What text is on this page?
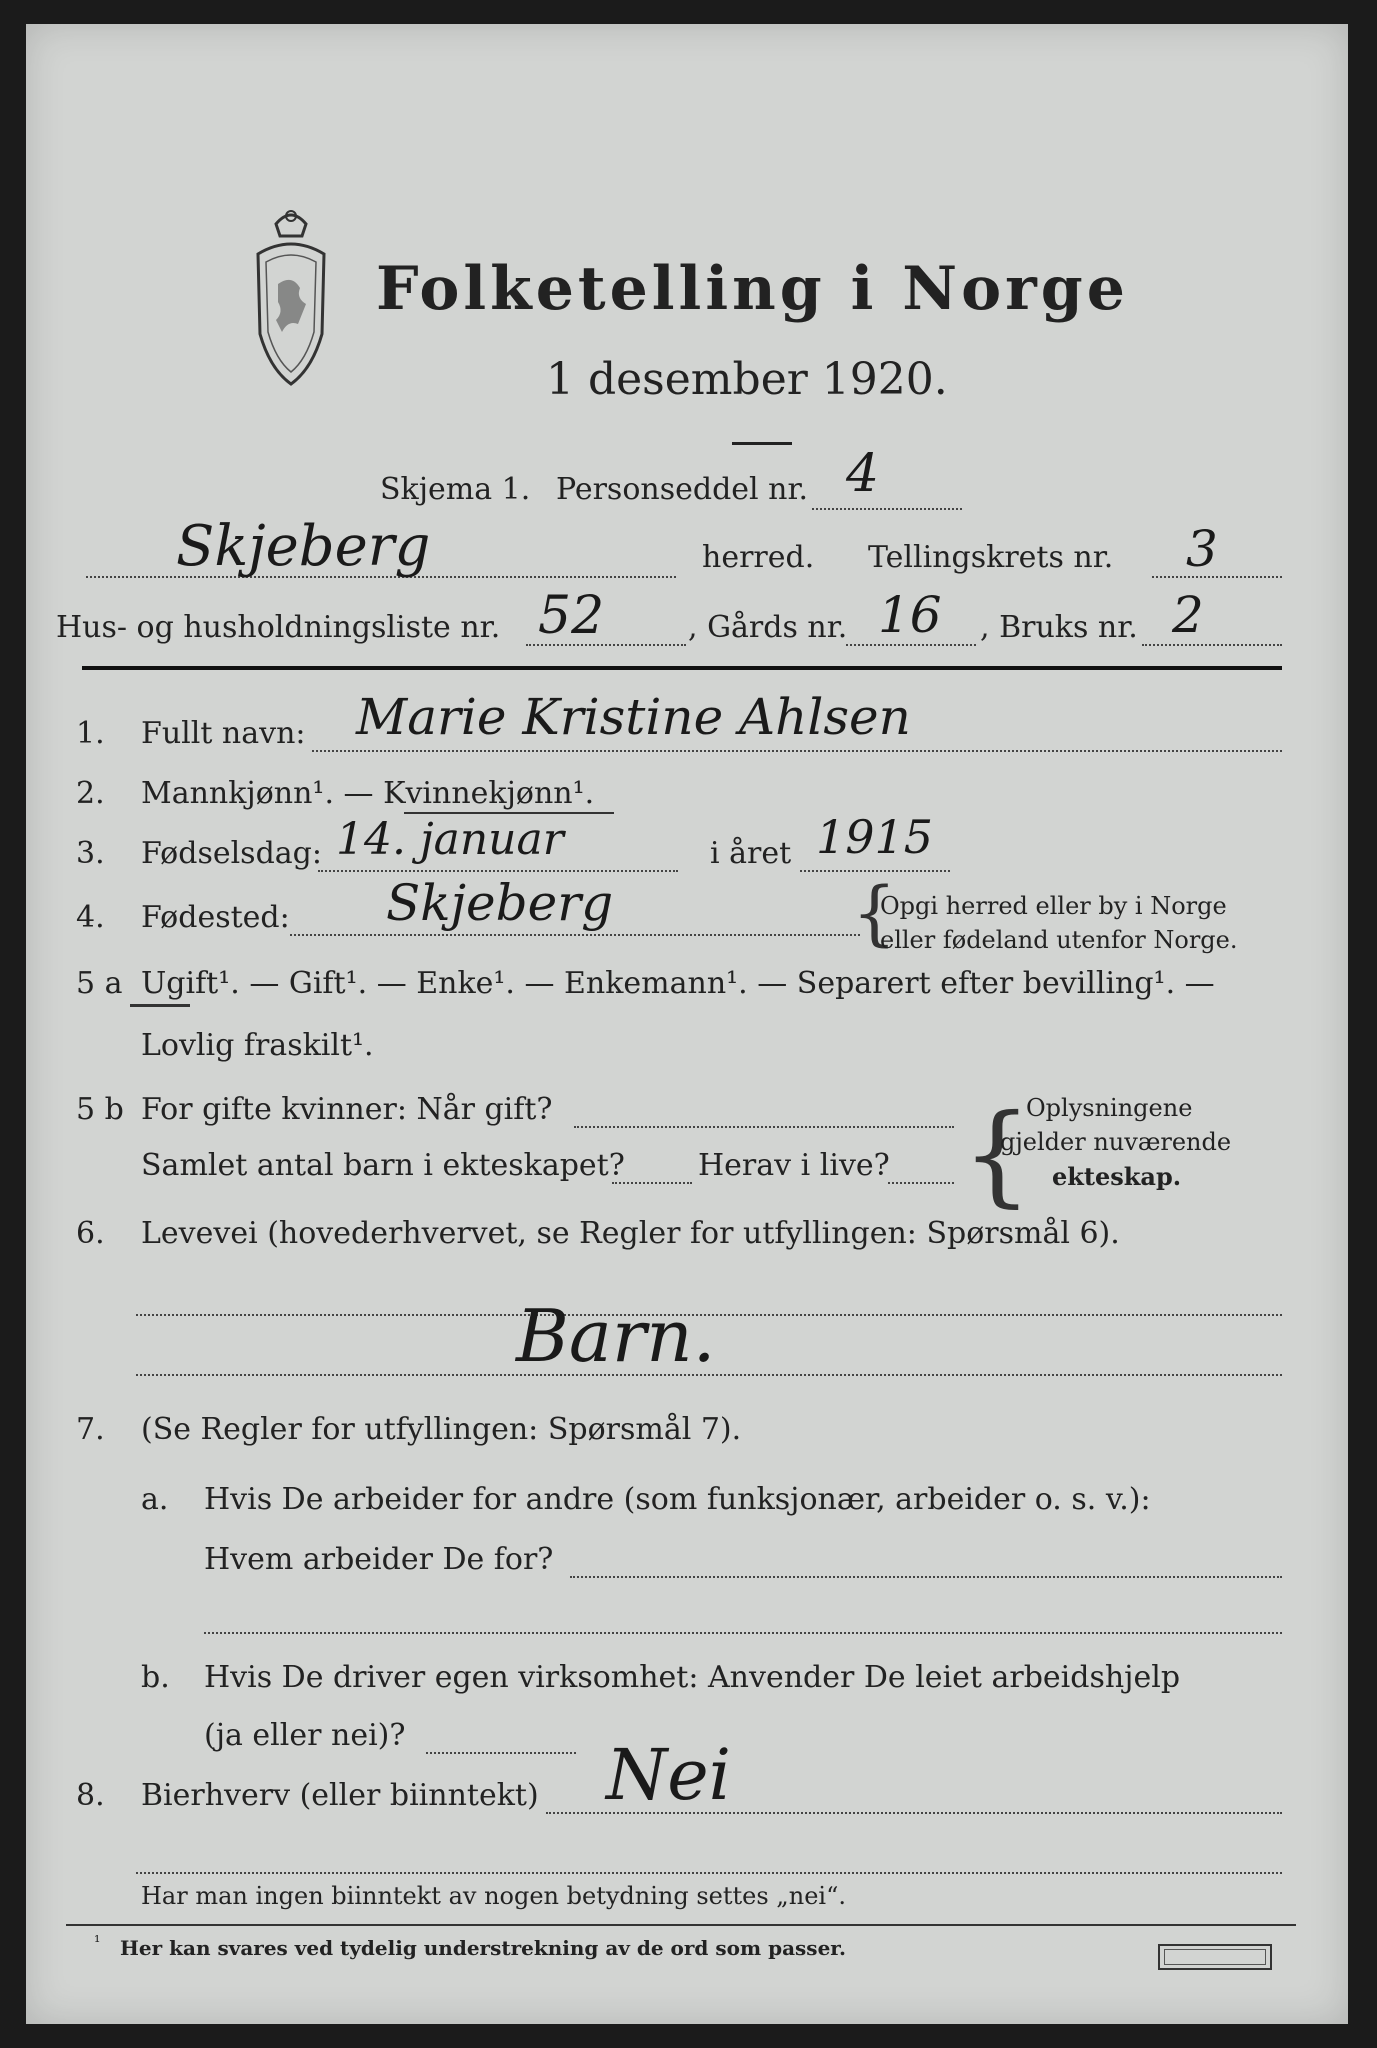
Folketelling i Norge
1 desember 1920.
Skjema 1. Personseddel nr. 4
Skjeberg	herred. Tellingskrets nr. 3
Hus- og husholdningsliste nr. 52	, Gårds nr. 16 , Bruks nr. 2
1. Fullt navn: Marie Kristine Ahlsen
2. Mannkjønn¹. — Kvinnekjønn¹.
3. Fødselsdag: 14. januar	i året 1915
4. Fødested: Skjeberg	{
Opgi herred eller by i Norge
eller fødeland utenfor Norge.
5 a Ugift¹. — Gift¹. — Enke¹. — Enkemann¹. — Separert efter bevilling¹. —
Lovlig fraskilt¹.
5 b For gifte kvinner: Når gift?
Samlet antal barn i ekteskapet? Herav i live? {
Oplysningene
gjelder nuværende
ekteskap.
6. Levevei (hovederhvervet, se Regler for utfyllingen: Spørsmål 6).
Barn.
7. (Se Regler for utfyllingen: Spørsmål 7).
a. Hvis De arbeider for andre (som funksjonær, arbeider o. s. v.):
Hvem arbeider De for?
b. Hvis De driver egen virksomhet: Anvender De leiet arbeidshjelp
(ja eller nei)?
8. Bierhverv (eller biinntekt) Nei
Har man ingen biinntekt av nogen betydning settes „nei“.
¹ Her kan svares ved tydelig understrekning av de ord som passer.
